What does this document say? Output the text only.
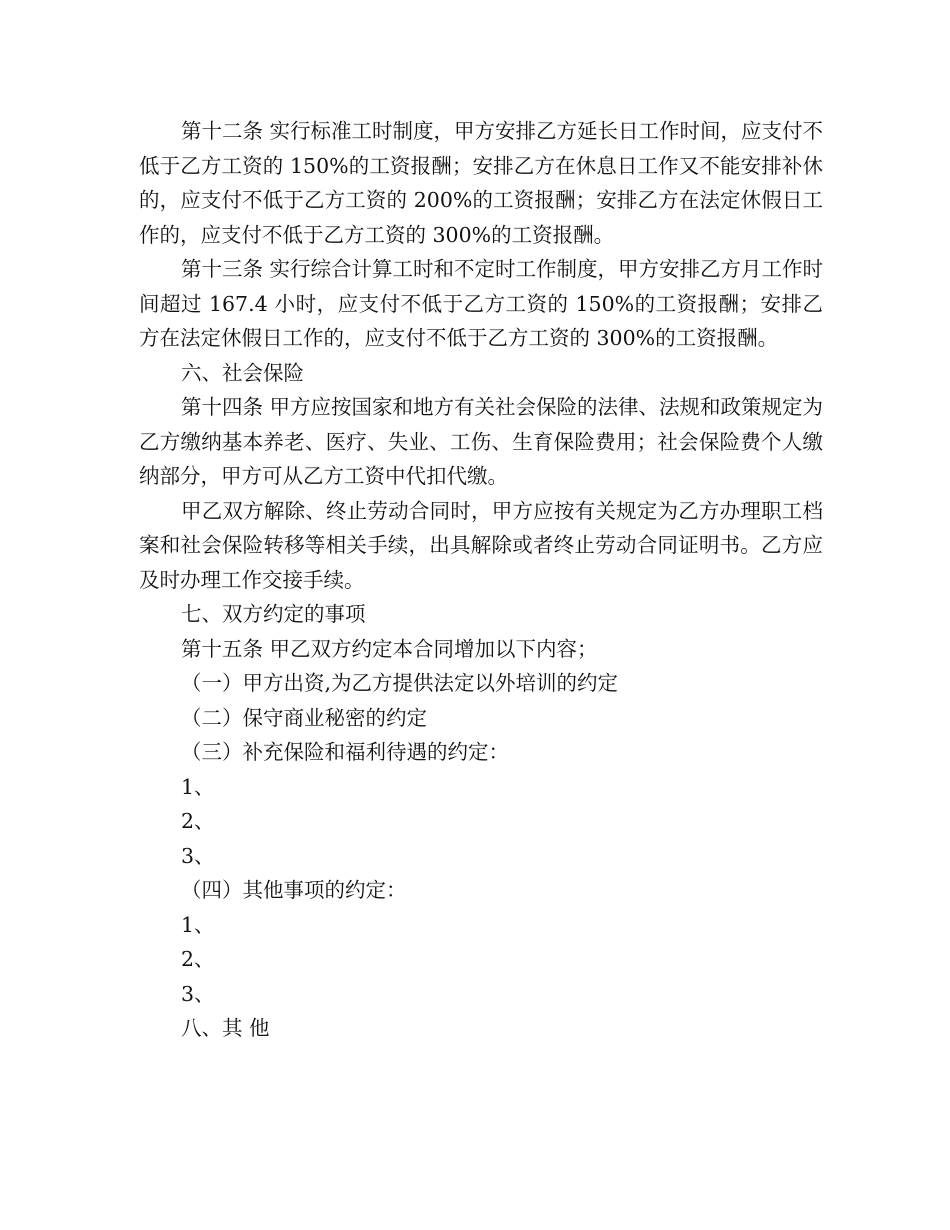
第十二条 实行标准工时制度，甲方安排乙方延长日工作时间，应支付不低于乙方工资的 150%的工资报酬；安排乙方在休息日工作又不能安排补休的，应支付不低于乙方工资的 200%的工资报酬；安排乙方在法定休假日工作的，应支付不低于乙方工资的 300%的工资报酬。

第十三条 实行综合计算工时和不定时工作制度，甲方安排乙方月工作时间超过 167.4 小时，应支付不低于乙方工资的 150%的工资报酬；安排乙方在法定休假日工作的，应支付不低于乙方工资的 300%的工资报酬。

六、社会保险

第十四条 甲方应按国家和地方有关社会保险的法律、法规和政策规定为乙方缴纳基本养老、医疗、失业、工伤、生育保险费用；社会保险费个人缴纳部分，甲方可从乙方工资中代扣代缴。

甲乙双方解除、终止劳动合同时，甲方应按有关规定为乙方办理职工档案和社会保险转移等相关手续，出具解除或者终止劳动合同证明书。乙方应及时办理工作交接手续。

七、双方约定的事项

第十五条 甲乙双方约定本合同增加以下内容；

（一）甲方出资,为乙方提供法定以外培训的约定

（二）保守商业秘密的约定

（三）补充保险和福利待遇的约定：

1、

2、

3、

（四）其他事项的约定：

1、

2、

3、

八、其 他
